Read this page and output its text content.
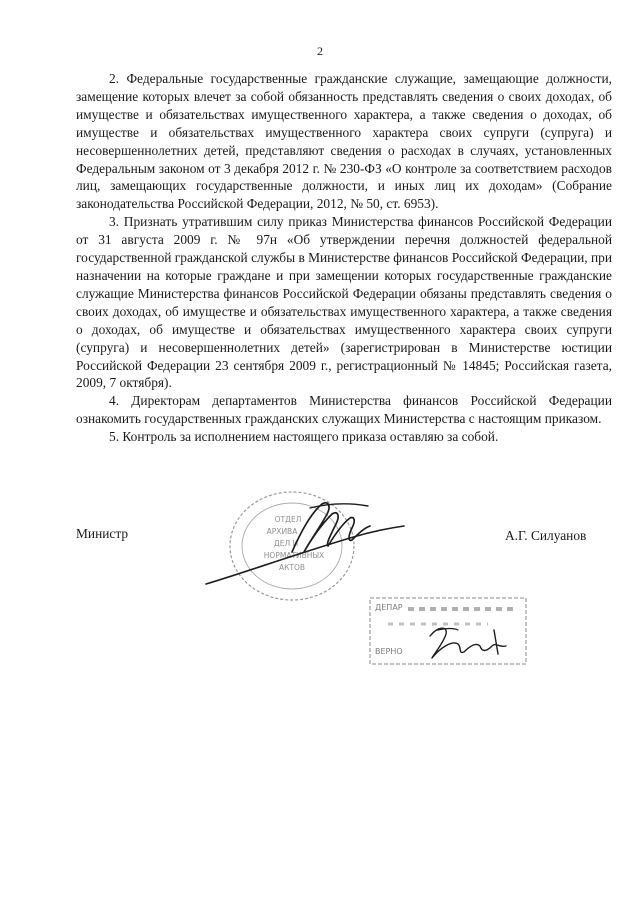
2

2. Федеральные государственные гражданские служащие, замещающие должности, замещение которых влечет за собой обязанность представлять сведения о своих доходах, об имуществе и обязательствах имущественного характера, а также сведения о доходах, об имуществе и обязательствах имущественного характера своих супруги (супруга) и несовершеннолетних детей, представляют сведения о расходах в случаях, установленных Федеральным законом от 3 декабря 2012 г. № 230-ФЗ «О контроле за соответствием расходов лиц, замещающих государственные должности, и иных лиц их доходам» (Собрание законодательства Российской Федерации, 2012, № 50, ст. 6953).

3. Признать утратившим силу приказ Министерства финансов Российской Федерации от 31 августа 2009 г. № 97н «Об утверждении перечня должностей федеральной государственной гражданской службы в Министерстве финансов Российской Федерации, при назначении на которые граждане и при замещении которых государственные гражданские служащие Министерства финансов Российской Федерации обязаны представлять сведения о своих доходах, об имуществе и обязательствах имущественного характера, а также сведения о доходах, об имуществе и обязательствах имущественного характера своих супруги (супруга) и несовершеннолетних детей» (зарегистрирован в Министерстве юстиции Российской Федерации 23 сентября 2009 г., регистрационный № 14845; Российская газета, 2009, 7 октября).

4. Директорам департаментов Министерства финансов Российской Федерации ознакомить государственных гражданских служащих Министерства с настоящим приказом.

5. Контроль за исполнением настоящего приказа оставляю за собой.

ОТДЕЛ
АРХИВА
ДЕЛ И
НОРМАТИВНЫХ
АКТОВ
Министр	А.Г. Силуанов
ДЕПАР
ВЕРНО
